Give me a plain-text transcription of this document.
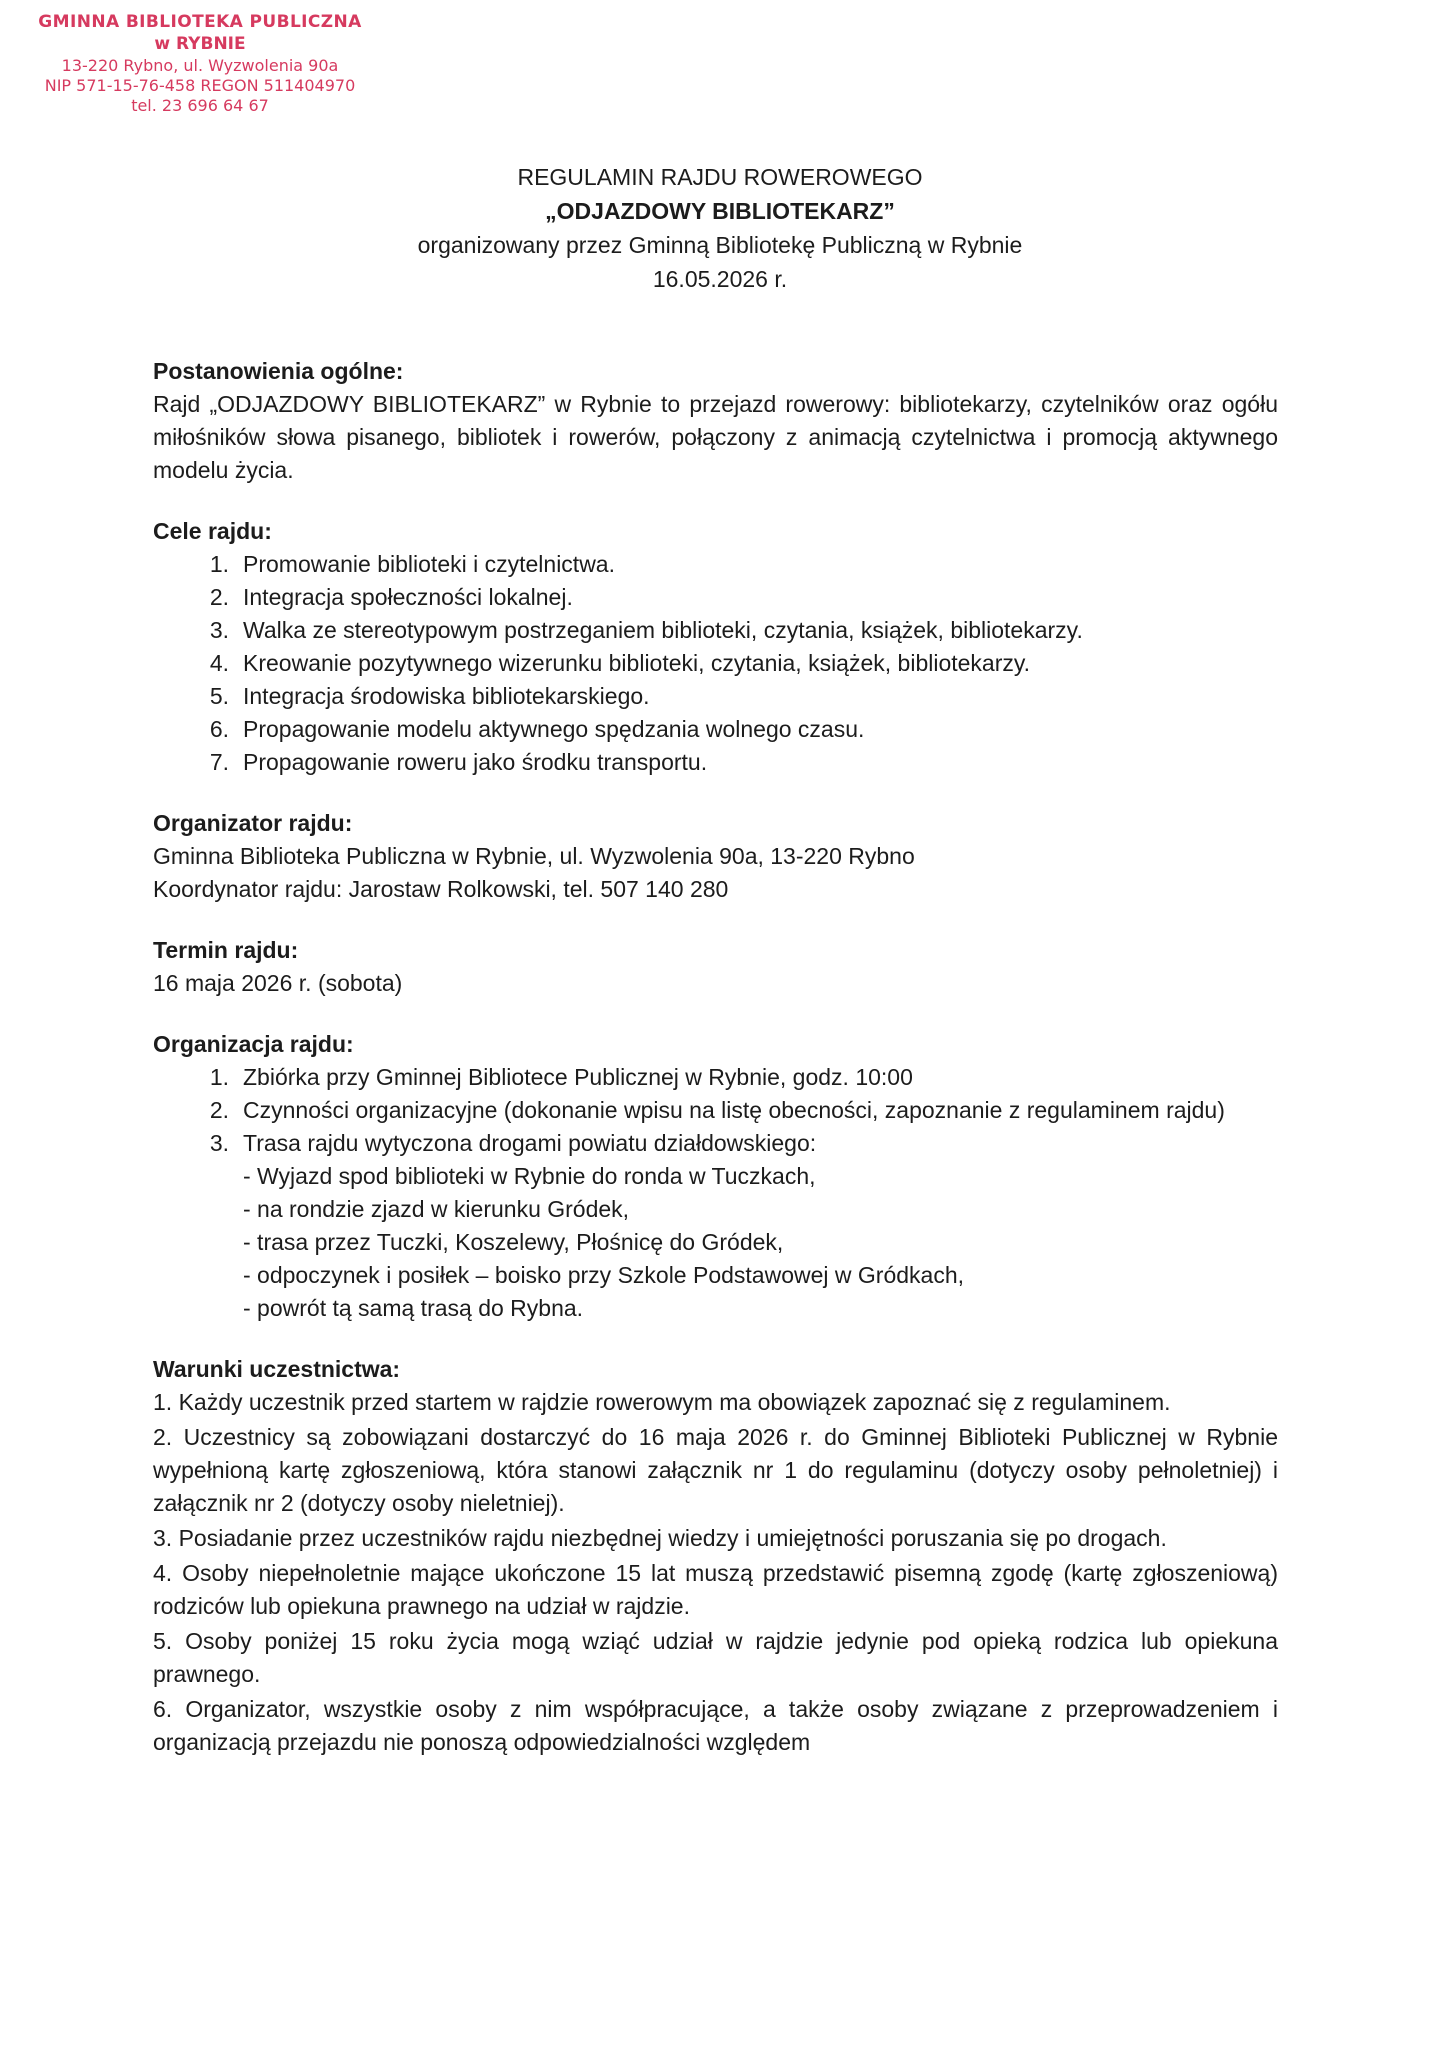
GMINNA BIBLIOTEKA PUBLICZNA
w RYBNIE
13-220 Rybno, ul. Wyzwolenia 90a
NIP 571-15-76-458 REGON 511404970
tel. 23 696 64 67
REGULAMIN RAJDU ROWEROWEGO
„ODJAZDOWY BIBLIOTEKARZ”
organizowany przez Gminną Bibliotekę Publiczną w Rybnie
16.05.2026 r.
Postanowienia ogólne:
Rajd „ODJAZDOWY BIBLIOTEKARZ” w Rybnie to przejazd rowerowy: bibliotekarzy, czytelników oraz ogółu miłośników słowa pisanego, bibliotek i rowerów, połączony z animacją czytelnictwa i promocją aktywnego modelu życia.
Cele rajdu:
1. Promowanie biblioteki i czytelnictwa.
2. Integracja społeczności lokalnej.
3. Walka ze stereotypowym postrzeganiem biblioteki, czytania, książek, bibliotekarzy.
4. Kreowanie pozytywnego wizerunku biblioteki, czytania, książek, bibliotekarzy.
5. Integracja środowiska bibliotekarskiego.
6. Propagowanie modelu aktywnego spędzania wolnego czasu.
7. Propagowanie roweru jako środku transportu.
Organizator rajdu:
Gminna Biblioteka Publiczna w Rybnie, ul. Wyzwolenia 90a, 13-220 Rybno
Koordynator rajdu: Jarostaw Rolkowski, tel. 507 140 280
Termin rajdu:
16 maja 2026 r. (sobota)
Organizacja rajdu:
1. Zbiórka przy Gminnej Bibliotece Publicznej w Rybnie, godz. 10:00
2. Czynności organizacyjne (dokonanie wpisu na listę obecności, zapoznanie z regulaminem rajdu)
3. Trasa rajdu wytyczona drogami powiatu działdowskiego:
- Wyjazd spod biblioteki w Rybnie do ronda w Tuczkach,
- na rondzie zjazd w kierunku Gródek,
- trasa przez Tuczki, Koszelewy, Płośnicę do Gródek,
- odpoczynek i posiłek – boisko przy Szkole Podstawowej w Gródkach,
- powrót tą samą trasą do Rybna.
Warunki uczestnictwa:

1. Każdy uczestnik przed startem w rajdzie rowerowym ma obowiązek zapoznać się z regulaminem.

2. Uczestnicy są zobowiązani dostarczyć do 16 maja 2026 r. do Gminnej Biblioteki Publicznej w Rybnie wypełnioną kartę zgłoszeniową, która stanowi załącznik nr 1 do regulaminu (dotyczy osoby pełnoletniej) i załącznik nr 2 (dotyczy osoby nieletniej).

3. Posiadanie przez uczestników rajdu niezbędnej wiedzy i umiejętności poruszania się po drogach.

4. Osoby niepełnoletnie mające ukończone 15 lat muszą przedstawić pisemną zgodę (kartę zgłoszeniową) rodziców lub opiekuna prawnego na udział w rajdzie.

5. Osoby poniżej 15 roku życia mogą wziąć udział w rajdzie jedynie pod opieką rodzica lub opiekuna prawnego.

6. Organizator, wszystkie osoby z nim współpracujące, a także osoby związane z przeprowadzeniem i organizacją przejazdu nie ponoszą odpowiedzialności względem
